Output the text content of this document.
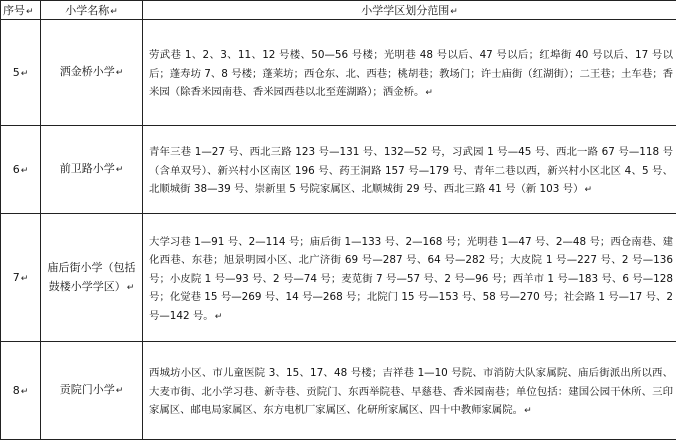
序号↵	小学名称↵	小学学区划分范围↵
5↵	洒金桥小学↵	劳武巷 1、2、3、11、12 号楼、50—56 号楼；光明巷 48 号以后、47 号以后；红埠街 40 号以后、17 号以后；蓬寿坊 7、8 号楼；蓬莱坊；西仓东、北、西巷；桃胡巷；教场门；许士庙街（红湖街）；二王巷；土车巷；香米园（除香米园南巷、香米园西巷以北至莲湖路）；洒金桥。↵
6↵	前卫路小学↵	青年三巷 1—27 号、西北三路 123 号—131 号、132—52 号，习武园 1 号—45 号、西北一路 67 号—118 号（含单双号）、新兴村小区南区 196 号、药王洞路 157 号—179 号、青年二巷以西，新兴村小区北区 4、5 号、北顺城街 38—39 号、崇新里 5 号院家属区、北顺城街 29 号、西北三路 41 号（新 103 号）↵
7↵	庙后街小学（包括鼓楼小学学区）↵	大学习巷 1—91 号、2—114 号；庙后街 1—133 号、2—168 号；光明巷 1—47 号、2—48 号；西仓南巷、建化西巷、东巷；旭景明园小区、北广济街 69 号—287 号、64 号—282 号；大皮院 1 号—227 号、2 号—136 号；小皮院 1 号—93 号、2 号—74 号；麦苋街 7 号—57 号、2 号—96 号；西羊市 1 号—183 号、6 号—128 号；化觉巷 15 号—269 号、14 号—268 号；北院门 15 号—153 号、58 号—270 号；社会路 1 号—17 号、2 号—142 号。↵
8↵	贡院门小学↵	西城坊小区、市儿童医院 3、15、17、48 号楼；吉祥巷 1—10 号院、市消防大队家属院、庙后街派出所以西、大麦市街、北小学习巷、新寺巷、贡院门、东西举院巷、早慈巷、香米园南巷；单位包括：建国公园干休所、三印家属区、邮电局家属区、东方电机厂家属区、化研所家属区、四十中教师家属院。↵
